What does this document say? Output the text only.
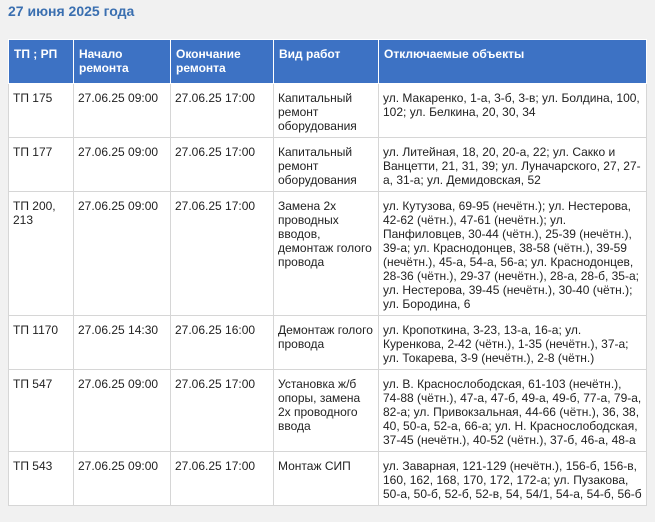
27 июня 2025 года
ТП ; РП	Начало ремонта	Окончание ремонта	Вид работ	Отключаемые объекты
ТП 175	27.06.25 09:00	27.06.25 17:00	Капитальный ремонт оборудования	ул. Макаренко, 1-а, 3-б, 3-в; ул. Болдина, 100, 102; ул. Белкина, 20, 30, 34
ТП 177	27.06.25 09:00	27.06.25 17:00	Капитальный ремонт оборудования	ул. Литейная, 18, 20, 20-а, 22; ул. Сакко и Ванцетти, 21, 31, 39; ул. Луначарского, 27, 27-а, 31-а; ул. Демидовская, 52
ТП 200, 213	27.06.25 09:00	27.06.25 17:00	Замена 2х проводных вводов, демонтаж голого провода	ул. Кутузова, 69-95 (нечётн.); ул. Нестерова, 42-62 (чётн.), 47-61 (нечётн.); ул. Панфиловцев, 30-44 (чётн.), 25-39 (нечётн.), 39-а; ул. Краснодонцев, 38-58 (чётн.), 39-59 (нечётн.), 45-а, 54-а, 56-а; ул. Краснодонцев, 28-36 (чётн.), 29-37 (нечётн.), 28-а, 28-б, 35-а; ул. Нестерова, 39-45 (нечётн.), 30-40 (чётн.); ул. Бородина, 6
ТП 1170	27.06.25 14:30	27.06.25 16:00	Демонтаж голого провода	ул. Кропоткина, 3-23, 13-а, 16-а; ул. Куренкова, 2-42 (чётн.), 1-35 (нечётн.), 37-а; ул. Токарева, 3-9 (нечётн.), 2-8 (чётн.)
ТП 547	27.06.25 09:00	27.06.25 17:00	Установка ж/б опоры, замена 2х проводного ввода	ул. В. Краснослободская, 61-103 (нечётн.), 74-88 (чётн.), 47-а, 47-б, 49-а, 49-б, 77-а, 79-а, 82-а; ул. Привокзальная, 44-66 (чётн.), 36, 38, 40, 50-а, 52-а, 66-а; ул. Н. Краснослободская, 37-45 (нечётн.), 40-52 (чётн.), 37-б, 46-а, 48-а
ТП 543	27.06.25 09:00	27.06.25 17:00	Монтаж СИП	ул. Заварная, 121-129 (нечётн.), 156-б, 156-в, 160, 162, 168, 170, 172, 172-а; ул. Пузакова, 50-а, 50-б, 52-б, 52-в, 54, 54/1, 54-а, 54-б, 56-б
